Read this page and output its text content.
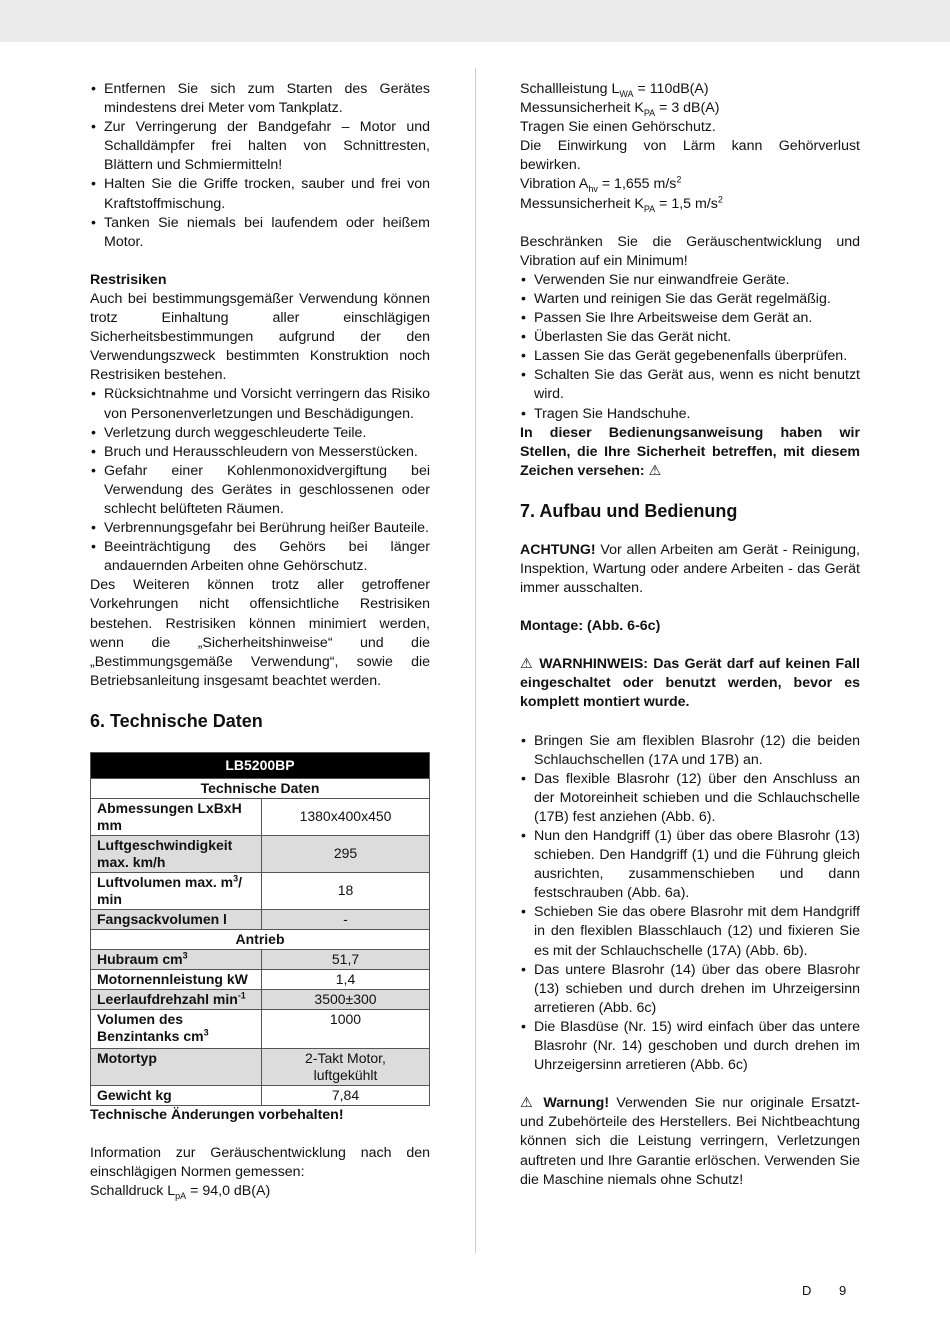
• Entfernen Sie sich zum Starten des Gerätes mindestens drei Meter vom Tankplatz.
• Zur Verringerung der Bandgefahr – Motor und Schalldämpfer frei halten von Schnittresten, Blättern und Schmiermitteln!
• Halten Sie die Griffe trocken, sauber und frei von Kraftstoffmischung.
• Tanken Sie niemals bei laufendem oder heißem Motor.

Restrisiken

Auch bei bestimmungsgemäßer Verwendung können trotz Einhaltung aller einschlägigen Sicherheitsbestimmungen aufgrund der den Verwendungszweck bestimmten Konstruktion noch Restrisiken bestehen.

• Rücksichtnahme und Vorsicht verringern das Risiko von Personenverletzungen und Beschädigungen.
• Verletzung durch weggeschleuderte Teile.
• Bruch und Herausschleudern von Messerstücken.
• Gefahr einer Kohlenmonoxidvergiftung bei Verwendung des Gerätes in geschlossenen oder schlecht belüfteten Räumen.
• Verbrennungsgefahr bei Berührung heißer Bauteile.
• Beeinträchtigung des Gehörs bei länger andauernden Arbeiten ohne Gehörschutz.

Des Weiteren können trotz aller getroffener Vorkehrungen nicht offensichtliche Restrisiken bestehen. Restrisiken können minimiert werden, wenn die „Sicherheitshinweise“ und die „Bestimmungsgemäße Verwendung“, sowie die Betriebsanleitung insgesamt beachtet werden.

6. Technische Daten
LB5200BP	
Technische Daten	
Abmessungen LxBxH mm	1380x400x450
Luftgeschwindigkeit max. km/h	295
Luftvolumen max. $m^3/$ min	18
Fangsackvolumen l	-
Antrieb	
Hubraum $cm^3$	51,7
Motornennleistung kW	1,4
Leerlaufdrehzahl $\min^{-1}$	3500±300
Volumen des Benzintanks $cm^3$	1000
Motortyp	2-Takt Motor,
luftgekühlt
Gewicht kg	7,84

Technische Änderungen vorbehalten!

Information zur Geräuschentwicklung nach den einschlägigen Normen gemessen:

Schalldruck $L_{pA} = 94,0$ dB(A)

Schallleistung $L_{WA} = 110dB(A)$

Messunsicherheit $K_{PA} = 3$ dB(A)

Tragen Sie einen Gehörschutz.

Die Einwirkung von Lärm kann Gehörverlust bewirken.

Vibration $A_{hv} = 1,655$ $m/s^2$

Messunsicherheit $K_{PA} = 1,5$ $m/s^2$

Beschränken Sie die Geräuschentwicklung und Vibration auf ein Minimum!

• Verwenden Sie nur einwandfreie Geräte.
• Warten und reinigen Sie das Gerät regelmäßig.
• Passen Sie Ihre Arbeitsweise dem Gerät an.
• Überlasten Sie das Gerät nicht.
• Lassen Sie das Gerät gegebenenfalls überprüfen.
• Schalten Sie das Gerät aus, wenn es nicht benutzt wird.
• Tragen Sie Handschuhe.

In dieser Bedienungsanweisung haben wir Stellen, die Ihre Sicherheit betreffen, mit diesem Zeichen versehen: ⚠

7. Aufbau und Bedienung

ACHTUNG! Vor allen Arbeiten am Gerät - Reinigung, Inspektion, Wartung oder andere Arbeiten - das Gerät immer ausschalten.

Montage: (Abb. 6-6c)

⚠ WARNHINWEIS: Das Gerät darf auf keinen Fall eingeschaltet oder benutzt werden, bevor es komplett montiert wurde.

• Bringen Sie am flexiblen Blasrohr (12) die beiden Schlauchschellen (17A und 17B) an.
• Das flexible Blasrohr (12) über den Anschluss an der Motoreinheit schieben und die Schlauchschelle (17B) fest anziehen (Abb. 6).
• Nun den Handgriff (1) über das obere Blasrohr (13) schieben. Den Handgriff (1) und die Führung gleich ausrichten, zusammenschieben und dann festschrauben (Abb. 6a).
• Schieben Sie das obere Blasrohr mit dem Handgriff in den flexiblen Blasschlauch (12) und fixieren Sie es mit der Schlauchschelle (17A) (Abb. 6b).
• Das untere Blasrohr (14) über das obere Blasrohr (13) schieben und durch drehen im Uhrzeigersinn arretieren (Abb. 6c)
• Die Blasdüse (Nr. 15) wird einfach über das untere Blasrohr (Nr. 14) geschoben und durch drehen im Uhrzeigersinn arretieren (Abb. 6c)

⚠ Warnung! Verwenden Sie nur originale Ersatzt- und Zubehörteile des Herstellers. Bei Nichtbeachtung können sich die Leistung verringern, Verletzungen auftreten und Ihre Garantie erlöschen. Verwenden Sie die Maschine niemals ohne Schutz!

D 9
